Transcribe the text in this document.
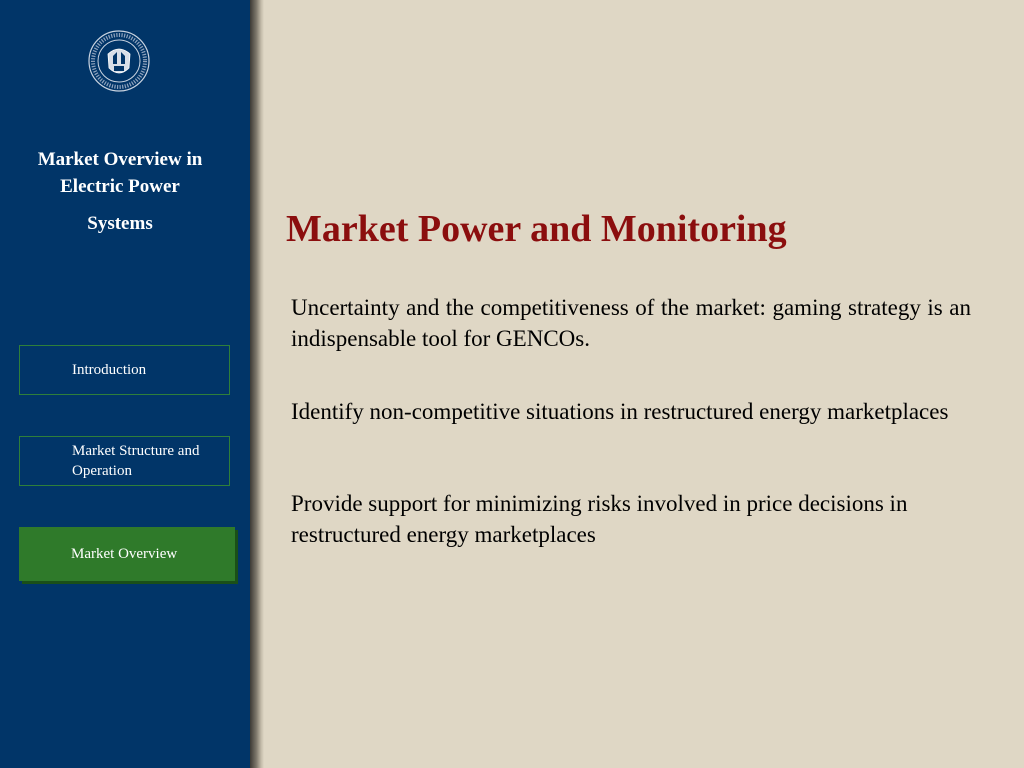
Market Overview in
Electric Power
Systems
Introduction
Market Structure and Operation
Market Overview
Market Power and Monitoring

Uncertainty and the competitiveness of the market: gaming strategy is an indispensable tool for GENCOs.

Identify non-competitive situations in restructured energy marketplaces

Provide support for minimizing risks involved in price decisions in restructured energy marketplaces
